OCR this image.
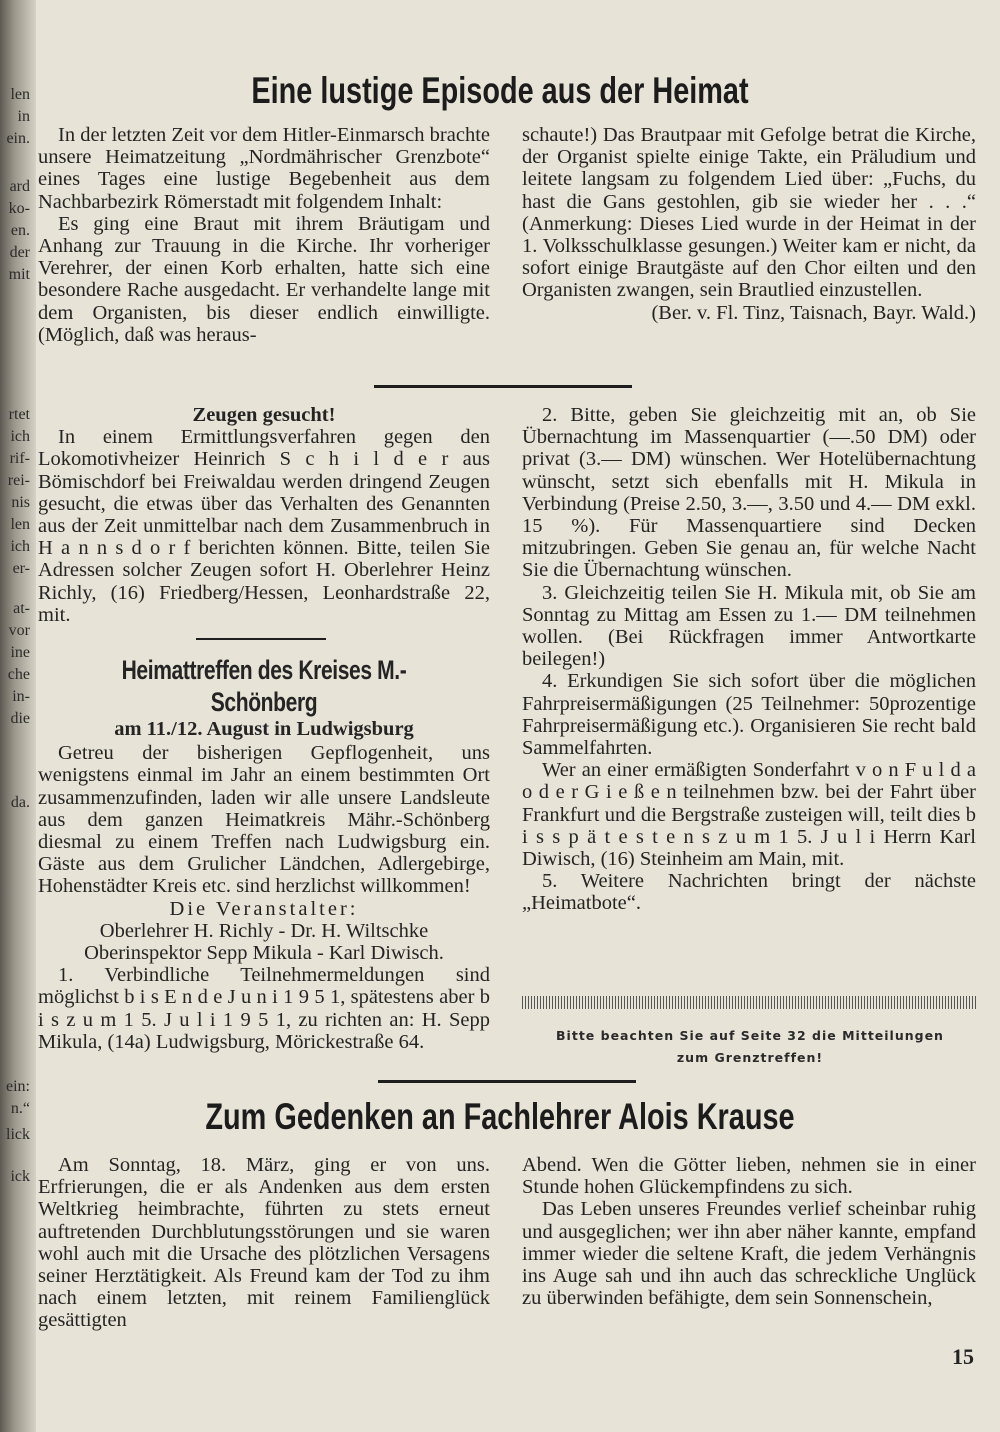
len
in
ein.
ard
ko-
en.
der
mit
rtet
ich
rif-
rei-
nis
len
ich
er-
at-
vor
ine
che
in-
die
da.
ein:
n.“
lick
ick
Eine lustige Episode aus der Heimat

In der letzten Zeit vor dem Hitler-Einmarsch brachte unsere Heimatzeitung „Nordmährischer Grenzbote“ eines Tages eine lustige Begebenheit aus dem Nachbarbezirk Römerstadt mit folgendem Inhalt:

Es ging eine Braut mit ihrem Bräutigam und Anhang zur Trauung in die Kirche. Ihr vorheriger Verehrer, der einen Korb erhalten, hatte sich eine besondere Rache ausgedacht. Er verhandelte lange mit dem Organisten, bis dieser endlich einwilligte. (Möglich, daß was heraus-

schaute!) Das Brautpaar mit Gefolge betrat die Kirche, der Organist spielte einige Takte, ein Präludium und leitete langsam zu folgendem Lied über: „Fuchs, du hast die Gans gestohlen, gib sie wieder her . . .“ (Anmerkung: Dieses Lied wurde in der Heimat in der 1. Volksschulklasse gesungen.) Weiter kam er nicht, da sofort einige Brautgäste auf den Chor eilten und den Organisten zwangen, sein Brautlied einzustellen.

(Ber. v. Fl. Tinz, Taisnach, Bayr. Wald.)

Zeugen gesucht!

In einem Ermittlungsverfahren gegen den Lokomotivheizer Heinrich S c h i l d e r aus Bömischdorf bei Freiwaldau werden dringend Zeugen gesucht, die etwas über das Verhalten des Genannten aus der Zeit unmittelbar nach dem Zusammenbruch in H a n n s d o r f berichten können. Bitte, teilen Sie Adressen solcher Zeugen sofort H. Oberlehrer Heinz Richly, (16) Friedberg/Hessen, Leonhardstraße 22, mit.

Heimattreffen des Kreises M.-Schönberg

am 11./12. August in Ludwigsburg

Getreu der bisherigen Gepflogenheit, uns wenigstens einmal im Jahr an einem bestimmten Ort zusammenzufinden, laden wir alle unsere Landsleute aus dem ganzen Heimatkreis Mähr.-Schönberg diesmal zu einem Treffen nach Ludwigsburg ein. Gäste aus dem Grulicher Ländchen, Adlergebirge, Hohenstädter Kreis etc. sind herzlichst willkommen!

Die Veranstalter:

Oberlehrer H. Richly - Dr. H. Wiltschke

Oberinspektor Sepp Mikula - Karl Diwisch.

1. Verbindliche Teilnehmermeldungen sind möglichst b i s E n d e J u n i 1 9 5 1, spätestens aber b i s z u m 1 5. J u l i 1 9 5 1, zu richten an: H. Sepp Mikula, (14a) Ludwigsburg, Mörickestraße 64.

2. Bitte, geben Sie gleichzeitig mit an, ob Sie Übernachtung im Massenquartier (—.50 DM) oder privat (3.— DM) wünschen. Wer Hotelübernachtung wünscht, setzt sich ebenfalls mit H. Mikula in Verbindung (Preise 2.50, 3.—, 3.50 und 4.— DM exkl. 15 %). Für Massenquartiere sind Decken mitzubringen. Geben Sie genau an, für welche Nacht Sie die Übernachtung wünschen.

3. Gleichzeitig teilen Sie H. Mikula mit, ob Sie am Sonntag zu Mittag am Essen zu 1.— DM teilnehmen wollen. (Bei Rückfragen immer Antwortkarte beilegen!)

4. Erkundigen Sie sich sofort über die möglichen Fahrpreisermäßigungen (25 Teilnehmer: 50prozentige Fahrpreisermäßigung etc.). Organisieren Sie recht bald Sammelfahrten.

Wer an einer ermäßigten Sonderfahrt v o n F u l d a o d e r G i e ß e n teilnehmen bzw. bei der Fahrt über Frankfurt und die Bergstraße zusteigen will, teilt dies b i s s p ä t e s t e n s z u m 1 5. J u l i Herrn Karl Diwisch, (16) Steinheim am Main, mit.

5. Weitere Nachrichten bringt der nächste „Heimatbote“.

Bitte beachten Sie auf Seite 32 die Mitteilungen
zum Grenztreffen!
Zum Gedenken an Fachlehrer Alois Krause

Am Sonntag, 18. März, ging er von uns. Erfrierungen, die er als Andenken aus dem ersten Weltkrieg heimbrachte, führten zu stets erneut auftretenden Durchblutungsstörungen und sie waren wohl auch mit die Ursache des plötzlichen Versagens seiner Herztätigkeit. Als Freund kam der Tod zu ihm nach einem letzten, mit reinem Familienglück gesättigten

Abend. Wen die Götter lieben, nehmen sie in einer Stunde hohen Glückempfindens zu sich.

Das Leben unseres Freundes verlief scheinbar ruhig und ausgeglichen; wer ihn aber näher kannte, empfand immer wieder die seltene Kraft, die jedem Verhängnis ins Auge sah und ihn auch das schreckliche Unglück zu überwinden befähigte, dem sein Sonnenschein,

15
